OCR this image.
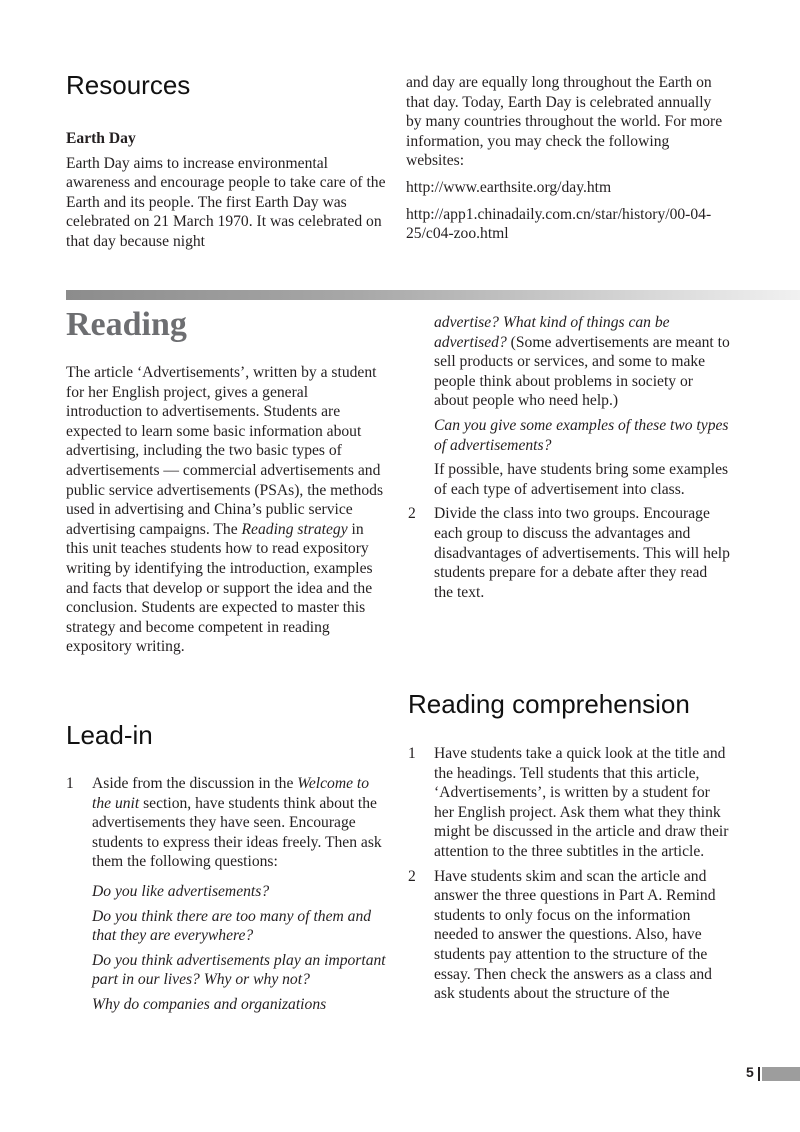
Resources

Earth Day

Earth Day aims to increase environmental awareness and encourage people to take care of the Earth and its people. The first Earth Day was celebrated on 21 March 1970. It was celebrated on that day because night

and day are equally long throughout the Earth on that day. Today, Earth Day is celebrated annually by many countries throughout the world. For more information, you may check the following websites:

http://www.earthsite.org/day.htm

http://app1.chinadaily.com.cn/star/history/00-04-25/c04-zoo.html

Reading

The article ‘Advertisements’, written by a student for her English project, gives a general introduction to advertisements. Students are expected to learn some basic information about advertising, including the two basic types of advertisements — commercial advertisements and public service advertisements (PSAs), the methods used in advertising and China’s public service advertising campaigns. The Reading strategy in this unit teaches students how to read expository writing by identifying the introduction, examples and facts that develop or support the idea and the conclusion. Students are expected to master this strategy and become competent in reading expository writing.

Lead-in
1 Aside from the discussion in the Welcome to the unit section, have students think about the advertisements they have seen. Encourage students to express their ideas freely. Then ask them the following questions:

Do you like advertisements?

Do you think there are too many of them and that they are everywhere?

Do you think advertisements play an important part in our lives? Why or why not?

Why do companies and organizations

advertise? What kind of things can be advertised? (Some advertisements are meant to sell products or services, and some to make people think about problems in society or about people who need help.)

Can you give some examples of these two types of advertisements?

If possible, have students bring some examples of each type of advertisement into class.

2 Divide the class into two groups. Encourage each group to discuss the advantages and disadvantages of advertisements. This will help students prepare for a debate after they read the text.

Reading comprehension
1 Have students take a quick look at the title and the headings. Tell students that this article, ‘Advertisements’, is written by a student for her English project. Ask them what they think might be discussed in the article and draw their attention to the three subtitles in the article.

2 Have students skim and scan the article and answer the three questions in Part A. Remind students to only focus on the information needed to answer the questions. Also, have students pay attention to the structure of the essay. Then check the answers as a class and ask students about the structure of the

5
